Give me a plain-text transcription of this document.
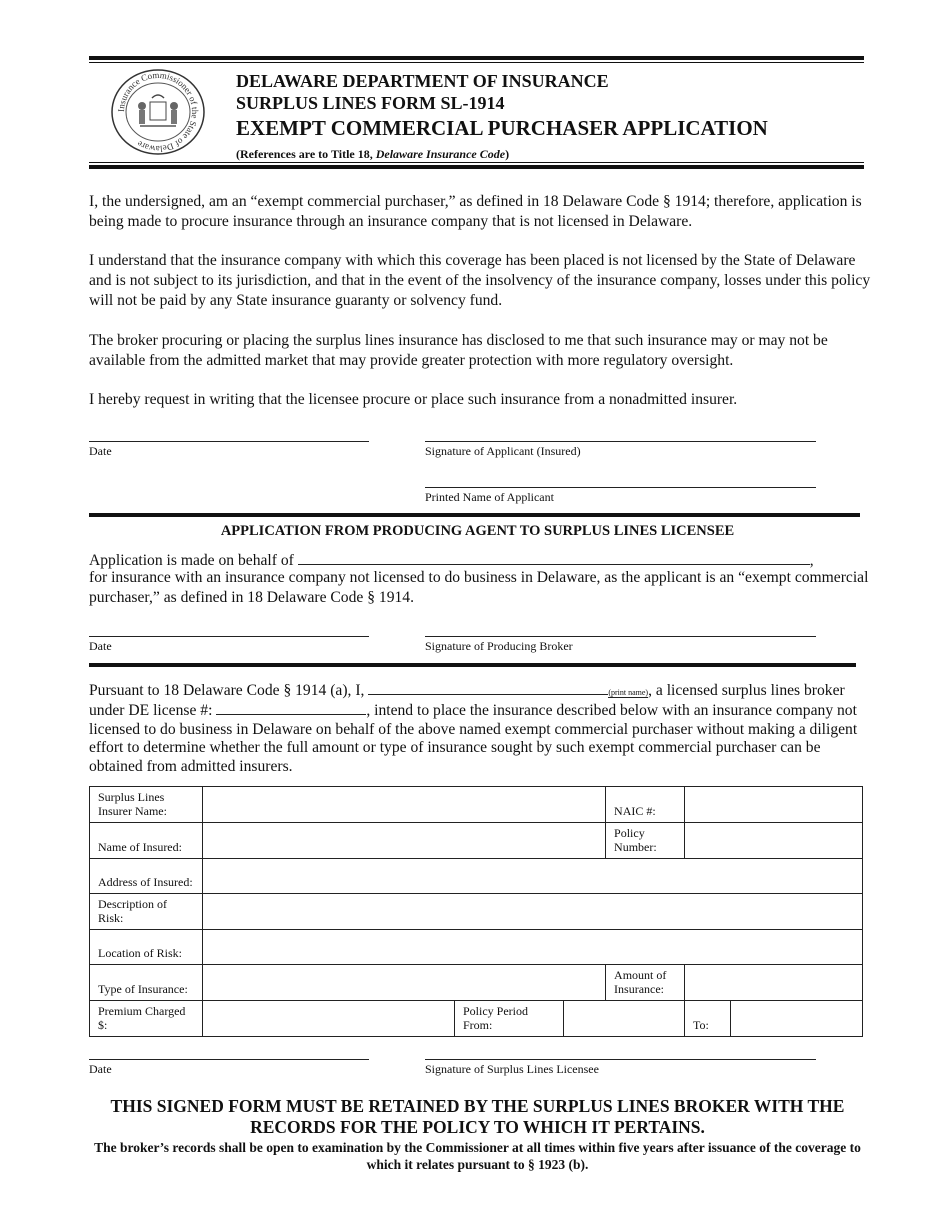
Insurance Commissioner of the State of Delaware
DELAWARE DEPARTMENT OF INSURANCE
SURPLUS LINES FORM SL-1914
EXEMPT COMMERCIAL PURCHASER APPLICATION
(References are to Title 18, Delaware Insurance Code)
I, the undersigned, am an “exempt commercial purchaser,” as defined in 18 Delaware Code § 1914; therefore, application is being made to procure insurance through an insurance company that is not licensed in Delaware.
I understand that the insurance company with which this coverage has been placed is not licensed by the State of Delaware and is not subject to its jurisdiction, and that in the event of the insolvency of the insurance company, losses under this policy will not be paid by any State insurance guaranty or solvency fund.
The broker procuring or placing the surplus lines insurance has disclosed to me that such insurance may or may not be available from the admitted market that may provide greater protection with more regulatory oversight.
I hereby request in writing that the licensee procure or place such insurance from a nonadmitted insurer.
Date	Signature of Applicant (Insured)
Printed Name of Applicant
APPLICATION FROM PRODUCING AGENT TO SURPLUS LINES LICENSEE
Application is made on behalf of	,
for insurance with an insurance company not licensed to do business in Delaware, as the applicant is an “exempt commercial purchaser,” as defined in 18 Delaware Code § 1914.
Date	Signature of Producing Broker
Pursuant to 18 Delaware Code § 1914 (a), I,	(print name), a licensed surplus lines broker
under DE license #:	, intend to place the insurance described below with an insurance company not licensed to do business in Delaware on behalf of the above named exempt commercial purchaser without making a diligent effort to determine whether the full amount or type of insurance sought by such exempt commercial purchaser can be obtained from admitted insurers.
Surplus Lines Insurer Name:				NAIC #:		
Name of Insured:				Policy Number:		
Address of Insured:						
Description of Risk:						
Location of Risk:						
Type of Insurance:				Amount of Insurance:		
Premium Charged $:		Policy Period From:			To:	
Date	Signature of Surplus Lines Licensee
THIS SIGNED FORM MUST BE RETAINED BY THE SURPLUS LINES BROKER WITH THE RECORDS FOR THE POLICY TO WHICH IT PERTAINS.
The broker’s records shall be open to examination by the Commissioner at all times within five years after issuance of the coverage to which it relates pursuant to § 1923 (b).
